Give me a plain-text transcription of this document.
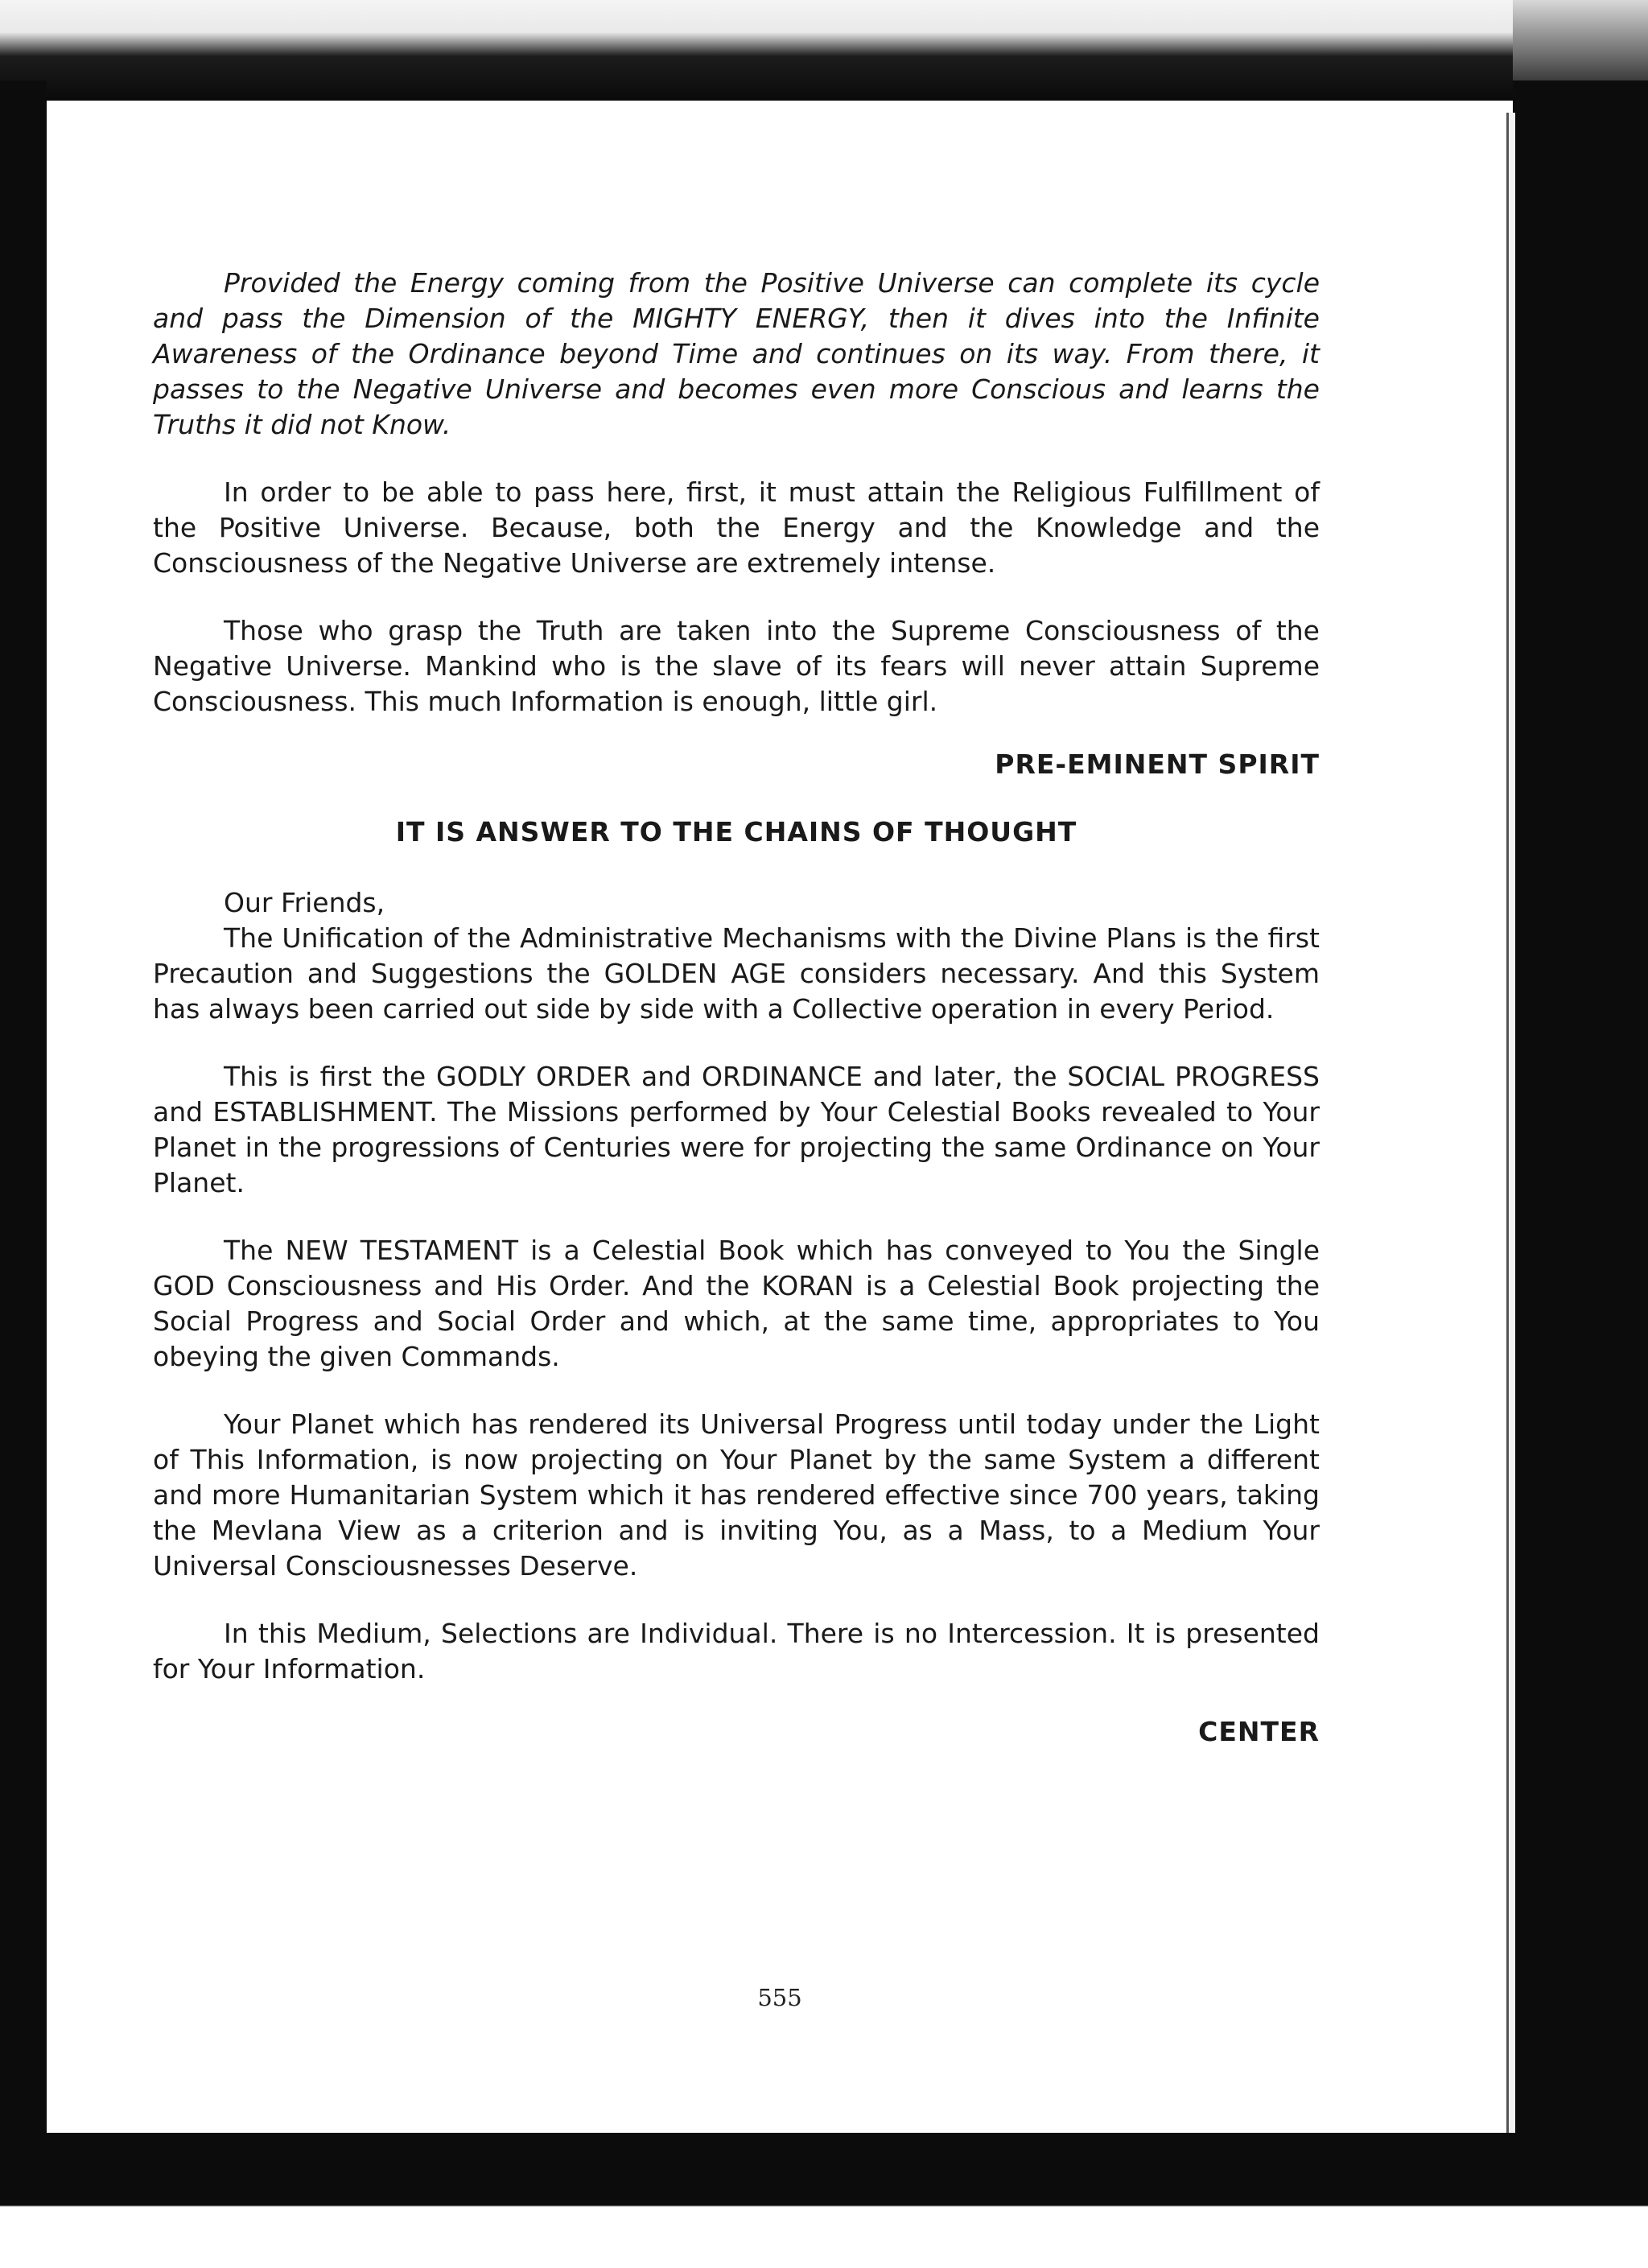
555

Provided the Energy coming from the Positive Universe can complete its cycle and pass the Dimension of the MIGHTY ENERGY, then it dives into the Infinite Awareness of the Ordinance beyond Time and continues on its way. From there, it passes to the Negative Universe and becomes even more Conscious and learns the Truths it did not Know.

In order to be able to pass here, first, it must attain the Religious Fulfillment of the Positive Universe. Because, both the Energy and the Knowledge and the Consciousness of the Negative Universe are extremely intense.

Those who grasp the Truth are taken into the Supreme Consciousness of the Negative Universe. Mankind who is the slave of its fears will never attain Supreme Consciousness. This much Information is enough, little girl.

PRE-EMINENT SPIRIT
IT IS ANSWER TO THE CHAINS OF THOUGHT

Our Friends,

The Unification of the Administrative Mechanisms with the Divine Plans is the first Precaution and Suggestions the GOLDEN AGE considers necessary. And this System has always been carried out side by side with a Collective operation in every Period.

This is first the GODLY ORDER and ORDINANCE and later, the SOCIAL PROGRESS and ESTABLISHMENT. The Missions performed by Your Celestial Books revealed to Your Planet in the progressions of Centuries were for projecting the same Ordinance on Your Planet.

The NEW TESTAMENT is a Celestial Book which has conveyed to You the Single GOD Consciousness and His Order. And the KORAN is a Celestial Book projecting the Social Progress and Social Order and which, at the same time, appropriates to You obeying the given Commands.

Your Planet which has rendered its Universal Progress until today under the Light of This Information, is now projecting on Your Planet by the same System a different and more Humanitarian System which it has rendered effective since 700 years, taking the Mevlana View as a criterion and is inviting You, as a Mass, to a Medium Your Universal Consciousnesses Deserve.

In this Medium, Selections are Individual. There is no Intercession. It is presented for Your Information.

CENTER
